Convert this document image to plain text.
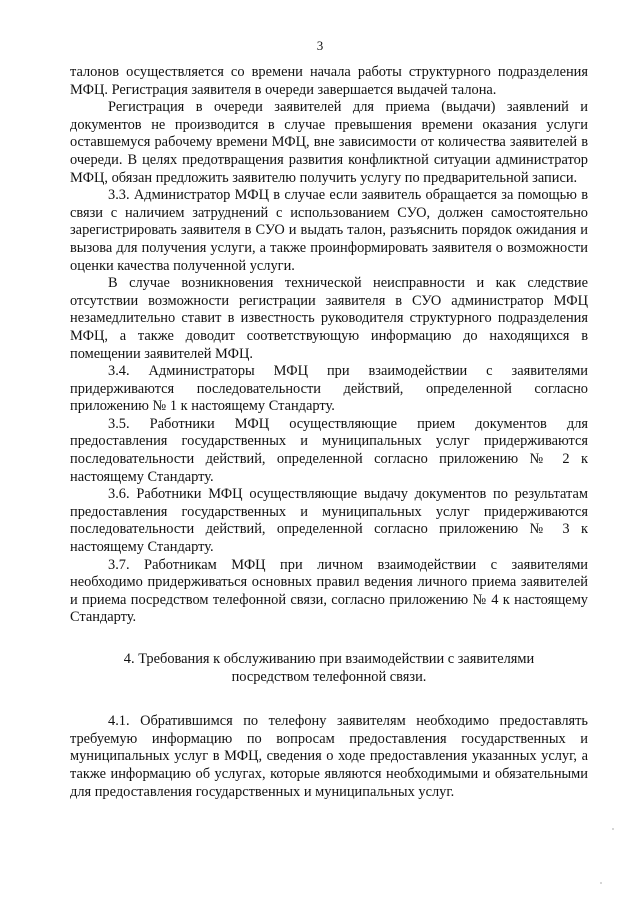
3

талонов осуществляется со времени начала работы структурного подразделения МФЦ. Регистрация заявителя в очереди завершается выдачей талона.

Регистрация в очереди заявителей для приема (выдачи) заявлений и документов не производится в случае превышения времени оказания услуги оставшемуся рабочему времени МФЦ, вне зависимости от количества заявителей в очереди. В целях предотвращения развития конфликтной ситуации администратор МФЦ, обязан предложить заявителю получить услугу по предварительной записи.

3.3. Администратор МФЦ в случае если заявитель обращается за помощью в связи с наличием затруднений с использованием СУО, должен самостоятельно зарегистрировать заявителя в СУО и выдать талон, разъяснить порядок ожидания и вызова для получения услуги, а также проинформировать заявителя о возможности оценки качества полученной услуги.

В случае возникновения технической неисправности и как следствие отсутствии возможности регистрации заявителя в СУО администратор МФЦ незамедлительно ставит в известность руководителя структурного подразделения МФЦ, а также доводит соответствующую информацию до находящихся в помещении заявителей МФЦ.

3.4. Администраторы МФЦ при взаимодействии с заявителями придерживаются последовательности действий, определенной согласно приложению № 1 к настоящему Стандарту.

3.5. Работники МФЦ осуществляющие прием документов для предоставления государственных и муниципальных услуг придерживаются последовательности действий, определенной согласно приложению № 2 к настоящему Стандарту.

3.6. Работники МФЦ осуществляющие выдачу документов по результатам предоставления государственных и муниципальных услуг придерживаются последовательности действий, определенной согласно приложению № 3 к настоящему Стандарту.

3.7. Работникам МФЦ при личном взаимодействии с заявителями необходимо придерживаться основных правил ведения личного приема заявителей и приема посредством телефонной связи, согласно приложению № 4 к настоящему Стандарту.

4. Требования к обслуживанию при взаимодействии с заявителями
посредством телефонной связи.

4.1. Обратившимся по телефону заявителям необходимо предоставлять требуемую информацию по вопросам предоставления государственных и муниципальных услуг в МФЦ, сведения о ходе предоставления указанных услуг, а также информацию об услугах, которые являются необходимыми и обязательными для предоставления государственных и муниципальных услуг.
